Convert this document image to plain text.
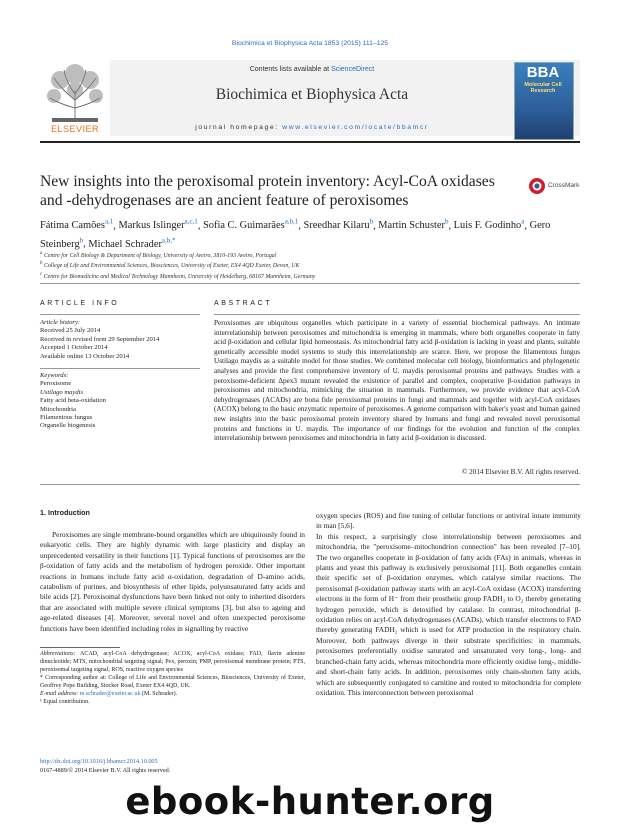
Biochimica et Biophysica Acta 1853 (2015) 111–125
ELSEVIER
Contents lists available at ScienceDirect
Biochimica et Biophysica Acta
journal homepage: www.elsevier.com/locate/bbamcr
BBA
Molecular Cell Research
New insights into the peroxisomal protein inventory: Acyl-CoA oxidases and -dehydrogenases are an ancient feature of peroxisomes
CrossMark
Fátima Camões$^{a,1}$, Markus Islinger$^{a,c,1}$, Sofia C. Guimarães$^{a,b,1}$, Sreedhar Kilaru$^b$, Martin Schuster$^b$, Luis F. Godinho$^a$, Gero Steinberg$^b$, Michael Schrader$^{a,b,*}$
$^a$ Centre for Cell Biology & Department of Biology, University of Aveiro, 3810-193 Aveiro, Portugal
$^b$ College of Life and Environmental Sciences, Biosciences, University of Exeter, EX4 4QD Exeter, Devon, UK
$^c$ Centre for Biomedicine and Medical Technology Mannheim, University of Heidelberg, 68167 Mannheim, Germany
ARTICLE INFO	ABSTRACT
Article history:
Received 25 July 2014
Received in revised form 29 September 2014
Accepted 1 October 2014
Available online 13 October 2014
Keywords:
Peroxisome
Ustilago maydis
Fatty acid beta-oxidation
Mitochondria
Filamentous fungus
Organelle biogenesis
Peroxisomes are ubiquitous organelles which participate in a variety of essential biochemical pathways. An intimate interrelationship between peroxisomes and mitochondria is emerging in mammals, where both organelles cooperate in fatty acid β-oxidation and cellular lipid homeostasis. As mitochondrial fatty acid β-oxidation is lacking in yeast and plants, suitable genetically accessible model systems to study this interrelationship are scarce. Here, we propose the filamentous fungus Ustilago maydis as a suitable model for those studies. We combined molecular cell biology, bioinformatics and phylogenetic analyses and provide the first comprehensive inventory of U. maydis peroxisomal proteins and pathways. Studies with a peroxisome-deficient Δpex3 mutant revealed the existence of parallel and complex, cooperative β-oxidation pathways in peroxisomes and mitochondria, mimicking the situation in mammals. Furthermore, we provide evidence that acyl-CoA dehydrogenases (ACADs) are bona fide peroxisomal proteins in fungi and mammals and together with acyl-CoA oxidases (ACOX) belong to the basic enzymatic repertoire of peroxisomes. A genome comparison with baker's yeast and human gained new insights into the basic peroxisomal protein inventory shared by humans and fungi and revealed novel peroxisomal proteins and functions in U. maydis. The importance of our findings for the evolution and function of the complex interrelationship between peroxisomes and mitochondria in fatty acid β-oxidation is discussed.
© 2014 Elsevier B.V. All rights reserved.
1. Introduction
Peroxisomes are single membrane-bound organelles which are ubiquitously found in eukaryotic cells. They are highly dynamic with large plasticity and display an unprecedented versatility in their functions [1]. Typical functions of peroxisomes are the β-oxidation of fatty acids and the metabolism of hydrogen peroxide. Other important reactions in humans include fatty acid α-oxidation, degradation of D-amino acids, catabolism of purines, and biosynthesis of ether lipids, polyunsaturated fatty acids and bile acids [2]. Peroxisomal dysfunctions have been linked not only to inherited disorders that are associated with multiple severe clinical symptoms [3], but also to ageing and age-related diseases [4]. Moreover, several novel and often unexpected peroxisome functions have been identified including roles in signalling by reactive
oxygen species (ROS) and fine tuning of cellular functions or antiviral innate immunity in man [5,6].
In this respect, a surprisingly close interrelationship between peroxisomes and mitochondria, the "peroxisome–mitochondrion connection" has been revealed [7–10]. The two organelles cooperate in β-oxidation of fatty acids (FAs) in animals, whereas in plants and yeast this pathway is exclusively peroxisomal [11]. Both organelles contain their specific set of β-oxidation enzymes, which catalyse similar reactions. The peroxisomal β-oxidation pathway starts with an acyl-CoA oxidase (ACOX) transferring electrons in the form of H⁻ from their prosthetic group FADH₂ to O₂ thereby generating hydrogen peroxide, which is detoxified by catalase. In contrast, mitochondrial β-oxidation relies on acyl-CoA dehydrogenases (ACADs), which transfer electrons to FAD thereby generating FADH₂ which is used for ATP production in the respiratory chain. Moreover, both pathways diverge in their substrate specificities: in mammals, peroxisomes preferentially oxidise saturated and unsaturated very long-, long- and branched-chain fatty acids, whereas mitochondria more efficiently oxidise long-, middle- and short-chain fatty acids. In addition, peroxisomes only chain-shorten fatty acids, which are subsequently conjugated to carnitine and routed to mitochondria for complete oxidation. This interconnection between peroxisomal
Abbreviations: ACAD, acyl-CoA dehydrogenase; ACOX, acyl-CoA oxidase; FAD, flavin adenine dinucleotide; MTS, mitochondrial targeting signal; Pex, peroxin; PMP, peroxisomal membrane protein; PTS, peroxisomal targeting signal; ROS, reactive oxygen species
* Corresponding author at: College of Life and Environmental Sciences, Biosciences, University of Exeter, Geoffrey Pope Building, Stocker Road, Exeter EX4 4QD, UK.
E-mail address: m.schrader@exeter.ac.uk (M. Schrader).
¹ Equal contribution.
http://dx.doi.org/10.1016/j.bbamcr.2014.10.005
0167-4889/© 2014 Elsevier B.V. All rights reserved.
ebook-hunter.org
